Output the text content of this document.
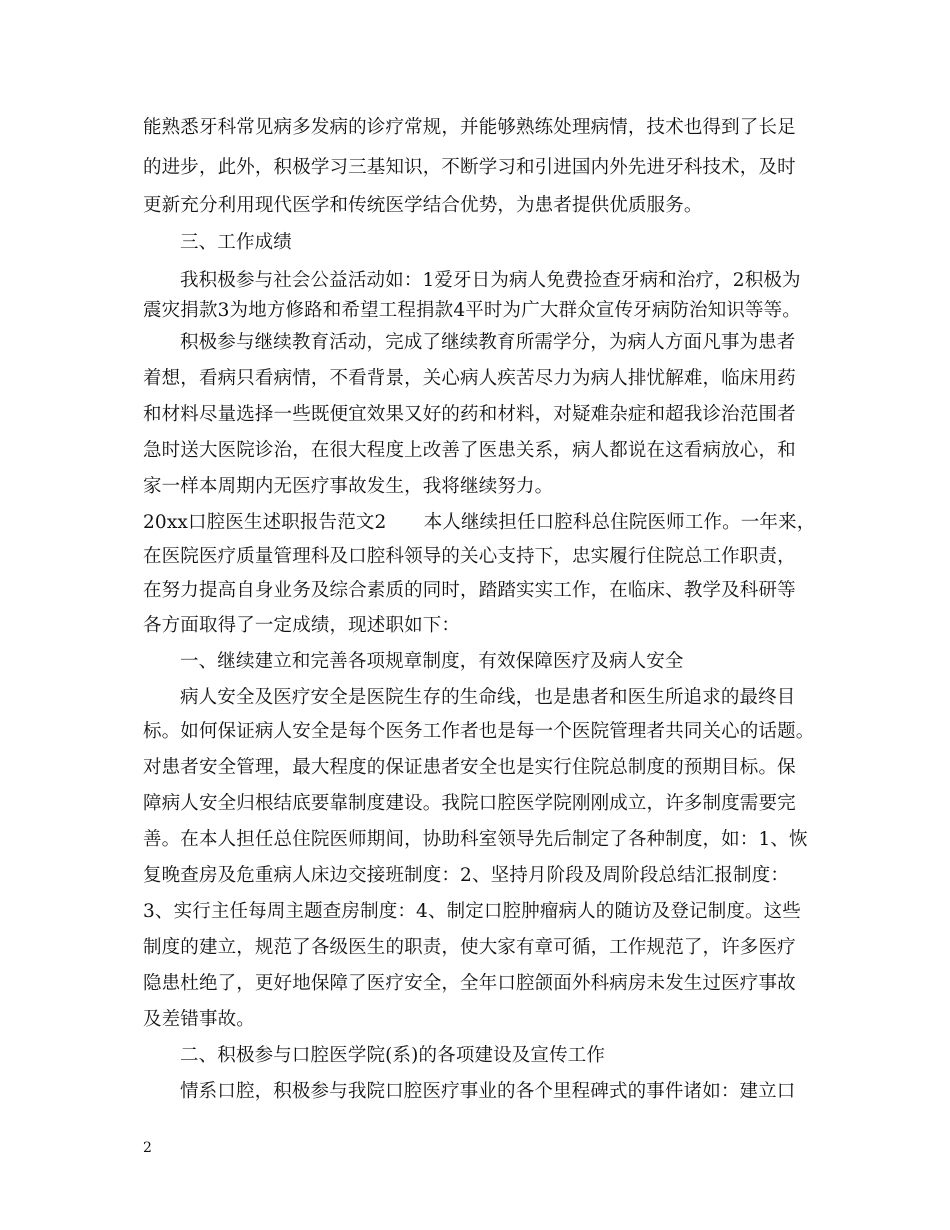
能熟悉牙科常见病多发病的诊疗常规，并能够熟练处理病情，技术也得到了长足
的进步，此外，积极学习三基知识，不断学习和引进国内外先进牙科技术，及时
更新充分利用现代医学和传统医学结合优势，为患者提供优质服务。
三、工作成绩
我积极参与社会公益活动如：1爱牙日为病人免费捡查牙病和治疗，2积极为
震灾捐款3为地方修路和希望工程捐款4平时为广大群众宣传牙病防治知识等等。
积极参与继续教育活动，完成了继续教育所需学分，为病人方面凡事为患者
着想，看病只看病情，不看背景，关心病人疾苦尽力为病人排忧解难，临床用药
和材料尽量选择一些既便宜效果又好的药和材料，对疑难杂症和超我诊治范围者
急时送大医院诊治，在很大程度上改善了医患关系，病人都说在这看病放心，和
家一样本周期内无医疗事故发生，我将继续努力。
20xx口腔医生述职报告范文2　　本人继续担任口腔科总住院医师工作。一年来，
在医院医疗质量管理科及口腔科领导的关心支持下，忠实履行住院总工作职责，
在努力提高自身业务及综合素质的同时，踏踏实实工作，在临床、教学及科研等
各方面取得了一定成绩，现述职如下：
一、继续建立和完善各项规章制度，有效保障医疗及病人安全
病人安全及医疗安全是医院生存的生命线，也是患者和医生所追求的最终目
标。如何保证病人安全是每个医务工作者也是每一个医院管理者共同关心的话题。
对患者安全管理，最大程度的保证患者安全也是实行住院总制度的预期目标。保
障病人安全归根结底要靠制度建设。我院口腔医学院刚刚成立，许多制度需要完
善。在本人担任总住院医师期间，协助科室领导先后制定了各种制度，如：1、恢
复晚查房及危重病人床边交接班制度：2、坚持月阶段及周阶段总结汇报制度：
3、实行主任每周主题查房制度：4、制定口腔肿瘤病人的随访及登记制度。这些
制度的建立，规范了各级医生的职责，使大家有章可循，工作规范了，许多医疗
隐患杜绝了，更好地保障了医疗安全，全年口腔颌面外科病房未发生过医疗事故
及差错事故。
二、积极参与口腔医学院(系)的各项建设及宣传工作
情系口腔，积极参与我院口腔医疗事业的各个里程碑式的事件诸如：建立口
2
